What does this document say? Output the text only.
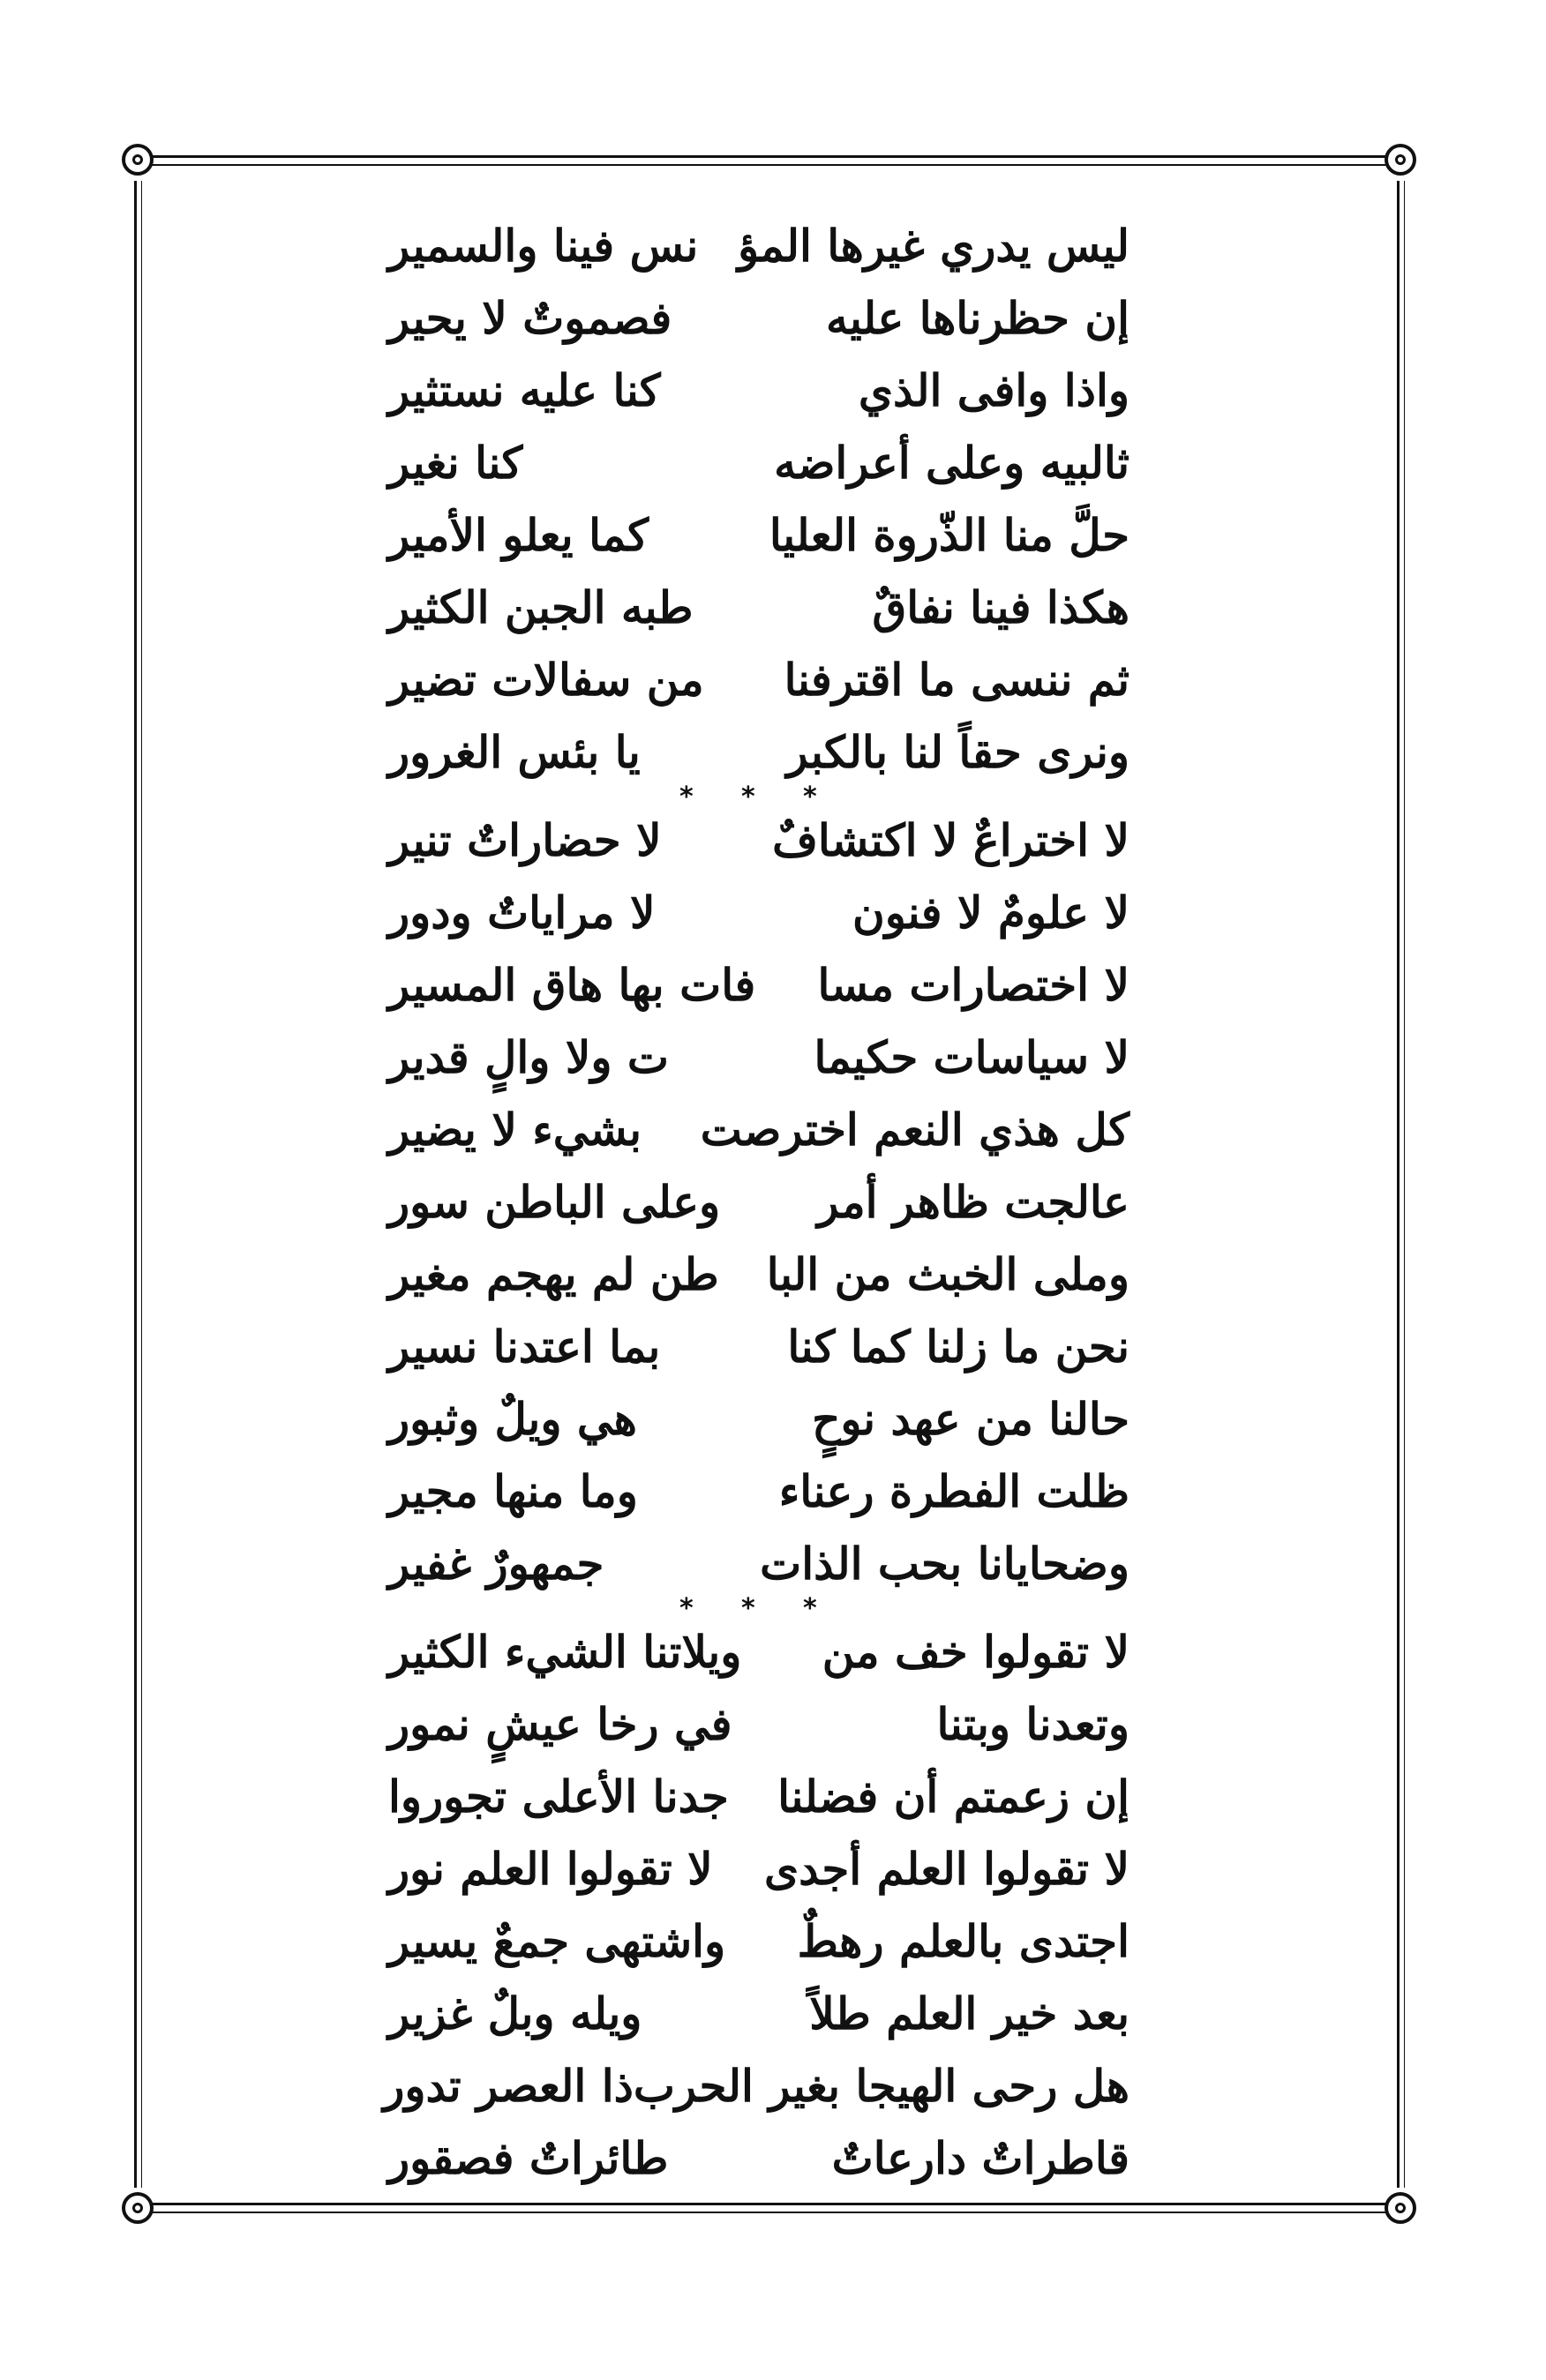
ليس يدري غيرها المؤ
نس فينا والسمير
إن حظرناها عليه
فصموتٌ لا يحير
واذا وافى الذي
كنا عليه نستثير
ثالبيه وعلى أعراضه
كنا نغير
حلَّ منا الذّروة العليا
كما يعلو الأمير
هكذا فينا نفاقٌ
طبه الجبن الكثير
ثم ننسى ما اقترفنا
من سفالات تضير
ونرى حقاً لنا بالكبر
يا بئس الغرور
* * *
لا اختراعٌ لا اكتشافٌ
لا حضاراتٌ تنير
لا علومٌ لا فنون
لا مراياتٌ ودور
لا اختصارات مسا
فات بها هاق المسير
لا سياسات حكيما
ت ولا والٍ قدير
كل هذي النعم اخترصت
بشيء لا يضير
عالجت ظاهر أمر
وعلى الباطن سور
وملى الخبث من البا
طن لم يهجم مغير
نحن ما زلنا كما كنا
بما اعتدنا نسير
حالنا من عهد نوحٍ
هي ويلٌ وثبور
ظلت الفطرة رعناء
وما منها مجير
وضحايانا بحب الذات
جمهورٌ غفير
* * *
لا تقولوا خف من
ويلاتنا الشيء الكثير
وتعدنا وبتنا
في رخا عيشٍ نمور
إن زعمتم أن فضلنا
جدنا الأعلى تجوروا
لا تقولوا العلم أجدى
لا تقولوا العلم نور
اجتدى بالعلم رهطٌ
واشتهى جمعٌ يسير
بعد خير العلم طلاً
ويله وبلٌ غزير
هل رحى الهيجا بغير الحرب
ذا العصر تدور
قاطراتٌ دارعاتٌ
طائراتٌ فصقور
